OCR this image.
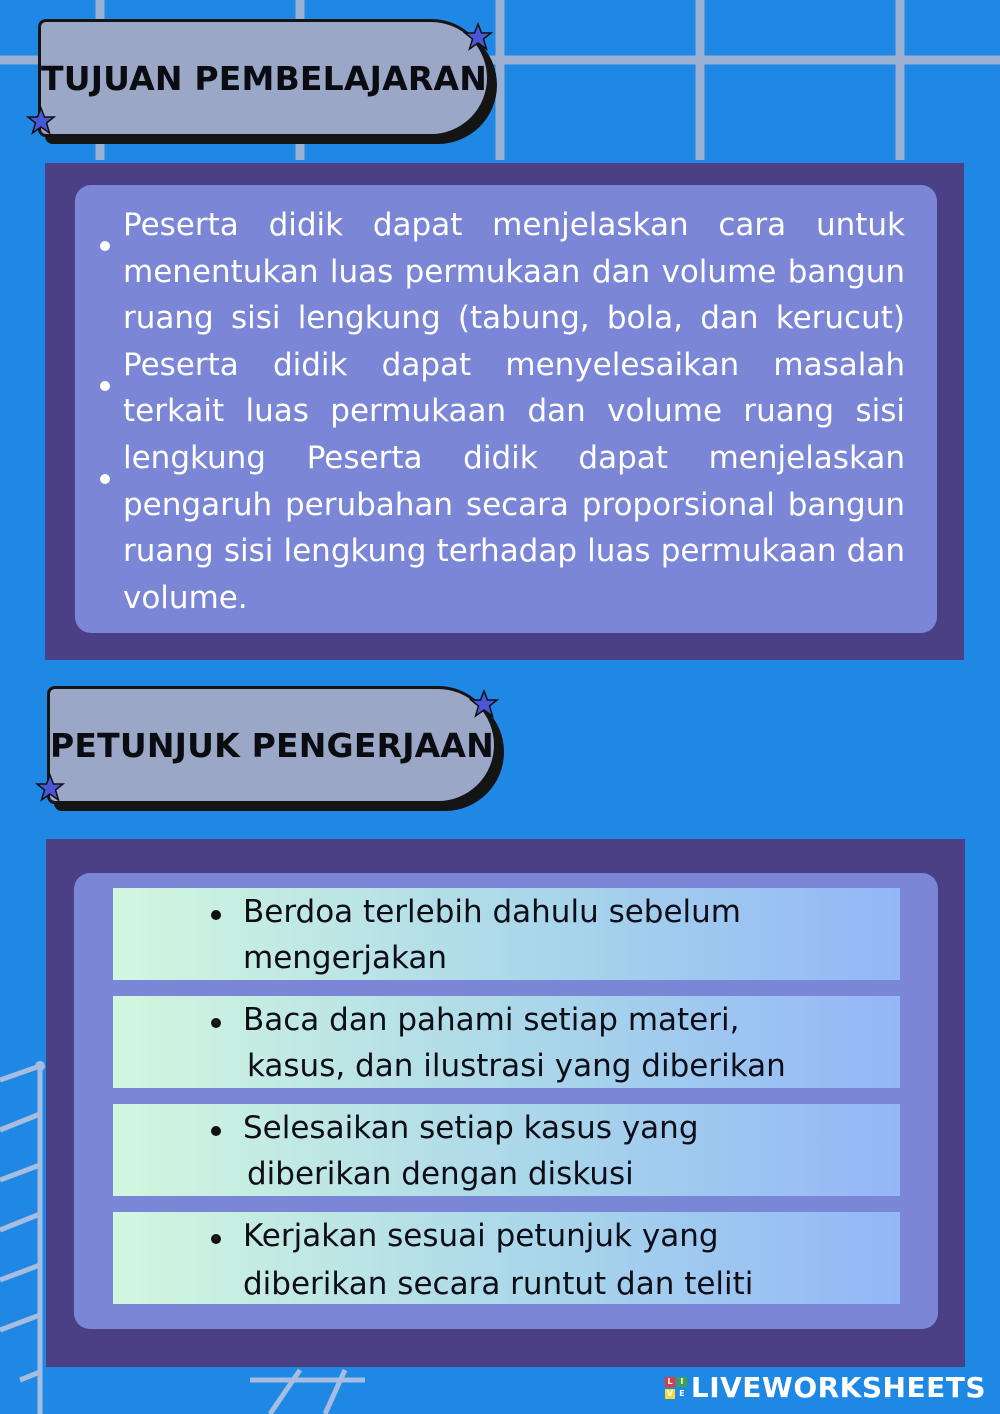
TUJUAN PEMBELAJARAN

Peserta didik dapat menjelaskan cara untuk menentukan luas permukaan dan volume bangun ruang sisi lengkung (tabung, bola, dan kerucut) Peserta didik dapat menyelesaikan masalah terkait luas permukaan dan volume ruang sisi lengkung Peserta didik dapat menjelaskan pengaruh perubahan secara proporsional bangun ruang sisi lengkung terhadap luas permukaan dan volume.

PETUNJUK PENGERJAAN
Berdoa terlebih dahulu sebelum
mengerjakan
Baca dan pahami setiap materi,
kasus, dan ilustrasi yang diberikan
Selesaikan setiap kasus yang
diberikan dengan diskusi
Kerjakan sesuai petunjuk yang
diberikan secara runtut dan teliti
L I
V E LIVEWORKSHEETS
